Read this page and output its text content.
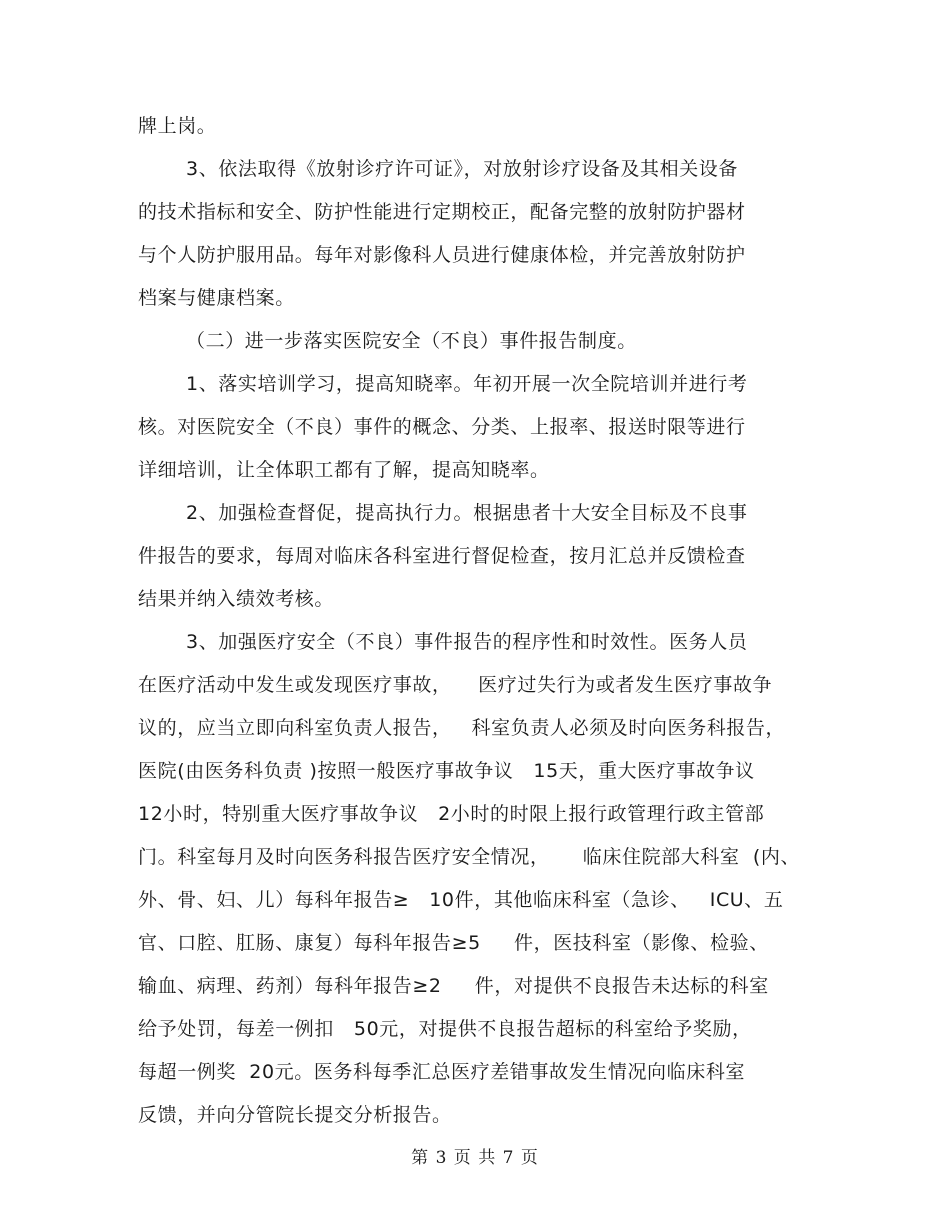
牌上岗。
3、依法取得《放射诊疗许可证》，对放射诊疗设备及其相关设备
的技术指标和安全、防护性能进行定期校正，配备完整的放射防护器材
与个人防护服用品。每年对影像科人员进行健康体检，并完善放射防护
档案与健康档案。
（二）进一步落实医院安全（不良）事件报告制度。
1、落实培训学习，提高知晓率。年初开展一次全院培训并进行考
核。对医院安全（不良）事件的概念、分类、上报率、报送时限等进行
详细培训，让全体职工都有了解，提高知晓率。
2、加强检查督促，提高执行力。根据患者十大安全目标及不良事
件报告的要求，每周对临床各科室进行督促检查，按月汇总并反馈检查
结果并纳入绩效考核。
3、加强医疗安全（不良）事件报告的程序性和时效性。医务人员
在医疗活动中发生或发现医疗事故，    医疗过失行为或者发生医疗事故争
议的，应当立即向科室负责人报告，   科室负责人必须及时向医务科报告，
医院(由医务科负责 )按照一般医疗事故争议   15天，重大医疗事故争议
12小时，特别重大医疗事故争议   2小时的时限上报行政管理行政主管部
门。科室每月及时向医务科报告医疗安全情况，     临床住院部大科室  (内、
外、骨、妇、儿）每科年报告≥   10件，其他临床科室（急诊、   ICU、五
官、口腔、肛肠、康复）每科年报告≥5     件，医技科室（影像、检验、
输血、病理、药剂）每科年报告≥2     件，对提供不良报告未达标的科室
给予处罚，每差一例扣   50元，对提供不良报告超标的科室给予奖励，
每超一例奖  20元。医务科每季汇总医疗差错事故发生情况向临床科室
反馈，并向分管院长提交分析报告。
第 3 页 共 7 页
